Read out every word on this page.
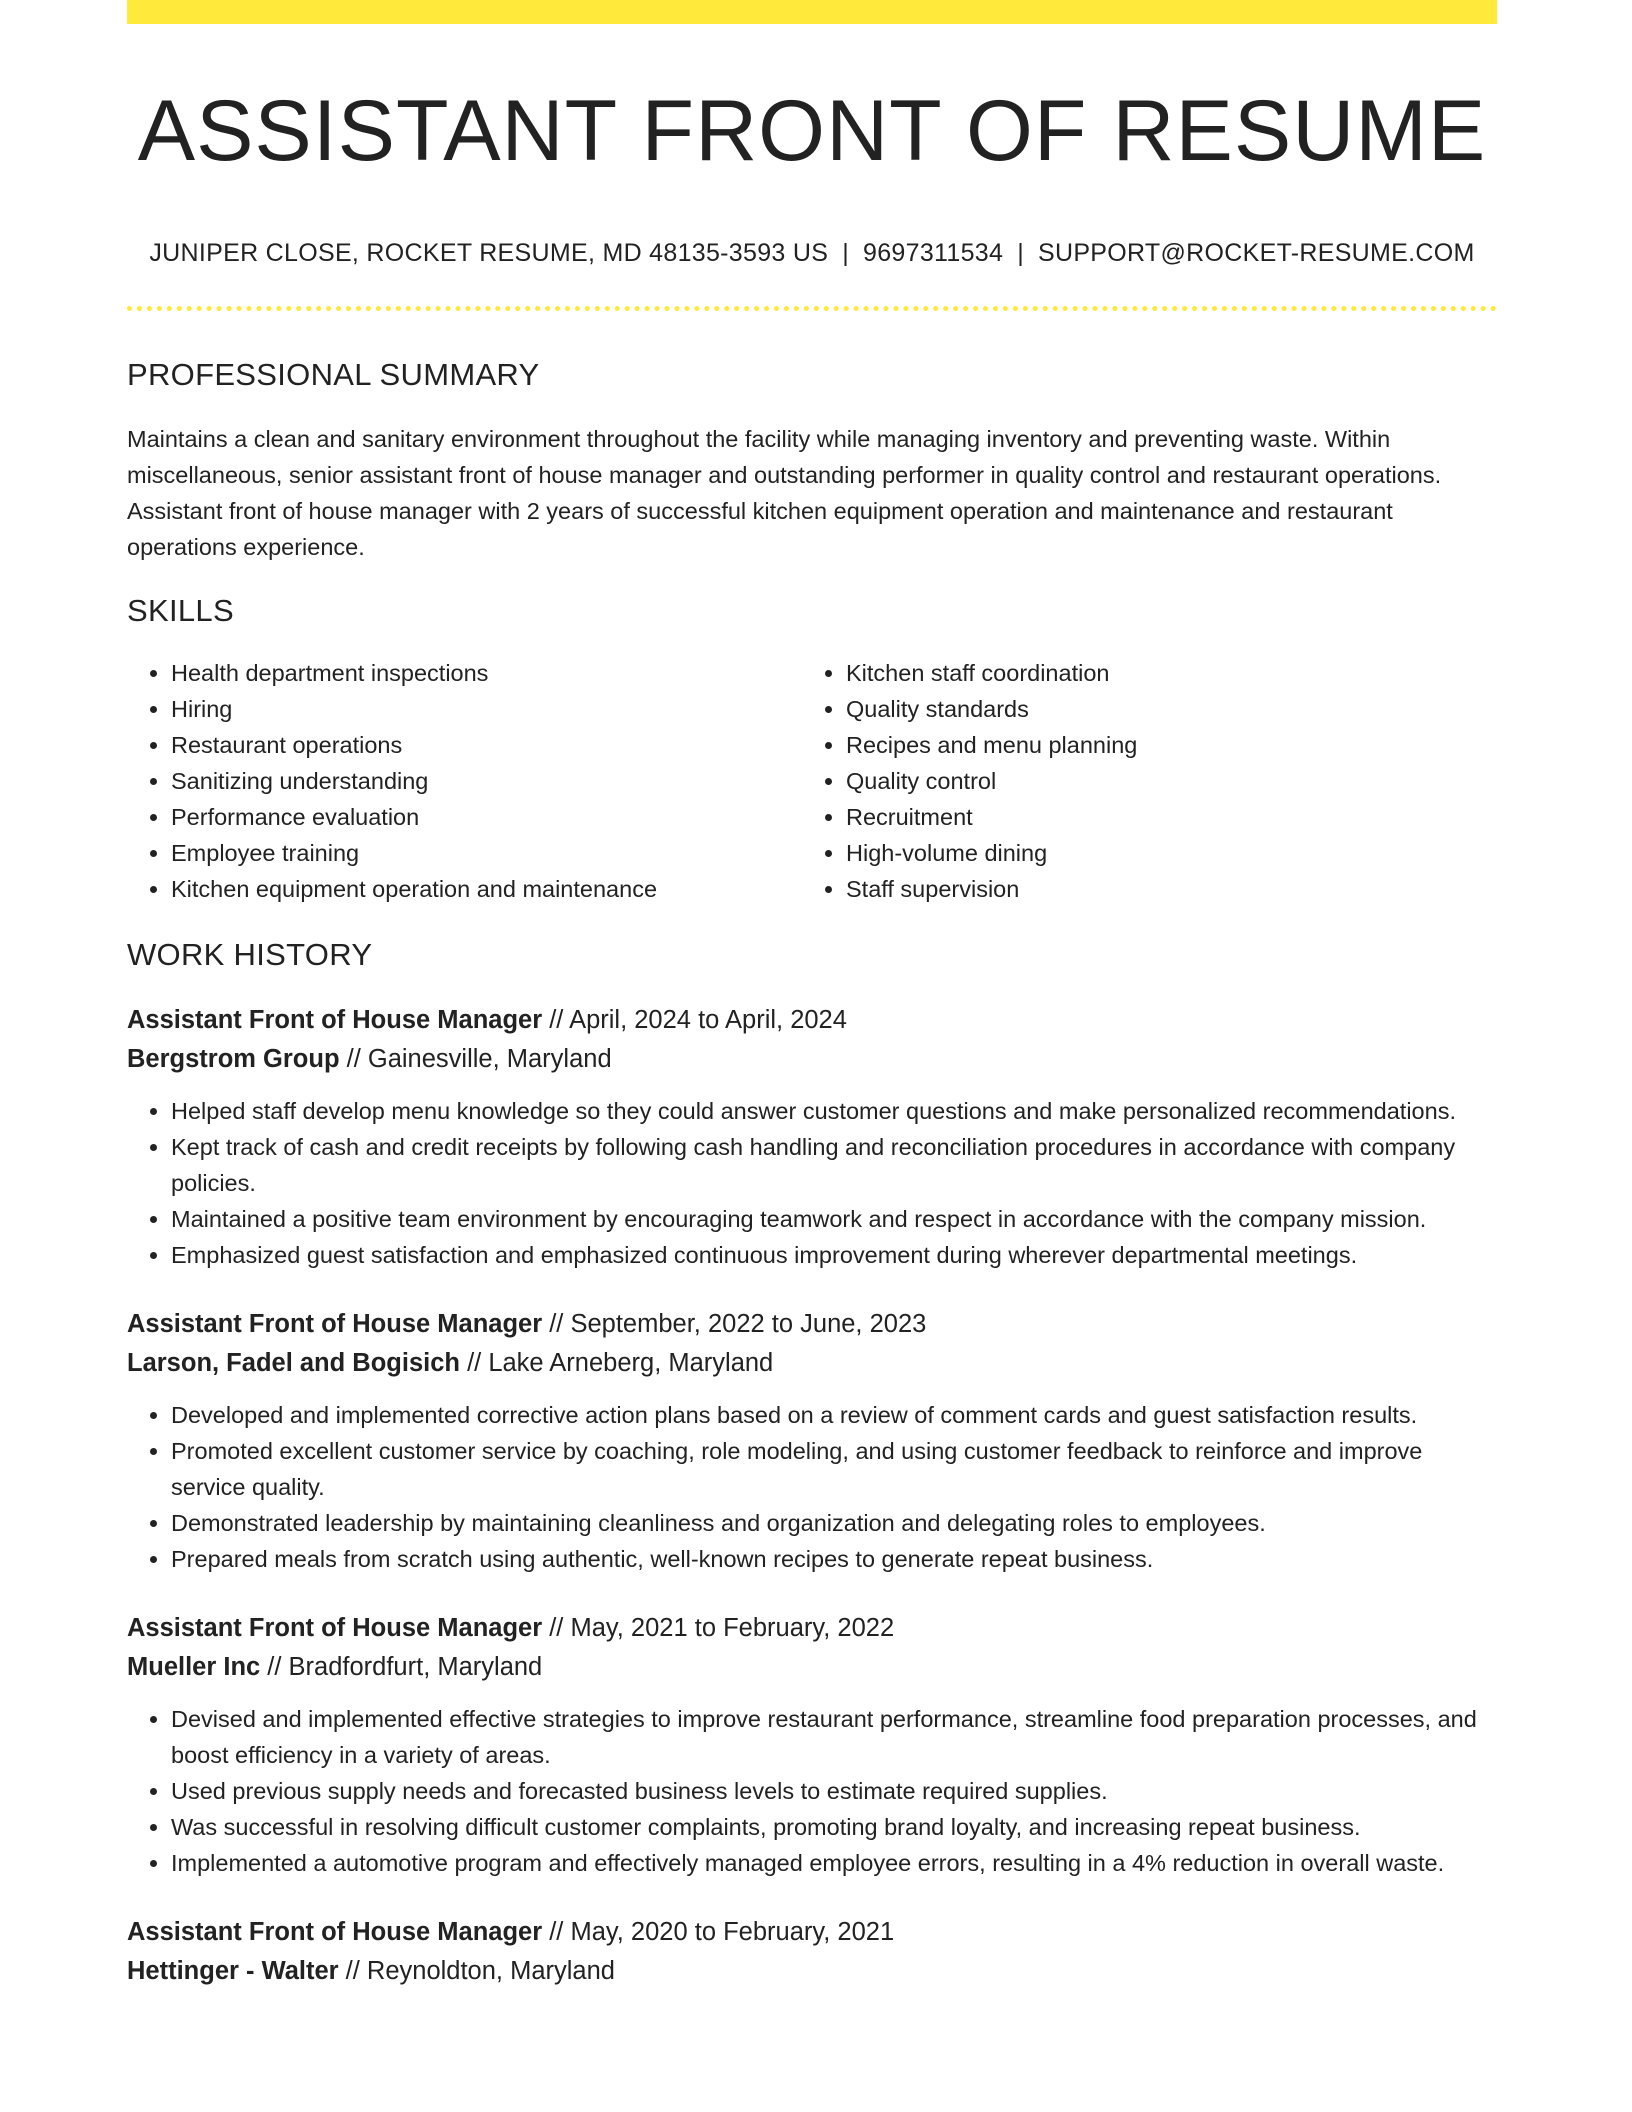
ASSISTANT FRONT OF RESUME
JUNIPER CLOSE, ROCKET RESUME, MD 48135-3593 US | 9697311534 | SUPPORT@ROCKET-RESUME.COM
PROFESSIONAL SUMMARY

Maintains a clean and sanitary environment throughout the facility while managing inventory and preventing waste. Within miscellaneous, senior assistant front of house manager and outstanding performer in quality control and restaurant operations. Assistant front of house manager with 2 years of successful kitchen equipment operation and maintenance and restaurant operations experience.

SKILLS
• Health department inspections
• Hiring
• Restaurant operations
• Sanitizing understanding
• Performance evaluation
• Employee training
• Kitchen equipment operation and maintenance
• Kitchen staff coordination
• Quality standards
• Recipes and menu planning
• Quality control
• Recruitment
• High-volume dining
• Staff supervision
WORK HISTORY
Assistant Front of House Manager // April, 2024 to April, 2024
Bergstrom Group // Gainesville, Maryland
• Helped staff develop menu knowledge so they could answer customer questions and make personalized recommendations.
• Kept track of cash and credit receipts by following cash handling and reconciliation procedures in accordance with company policies.
• Maintained a positive team environment by encouraging teamwork and respect in accordance with the company mission.
• Emphasized guest satisfaction and emphasized continuous improvement during wherever departmental meetings.
Assistant Front of House Manager // September, 2022 to June, 2023
Larson, Fadel and Bogisich // Lake Arneberg, Maryland
• Developed and implemented corrective action plans based on a review of comment cards and guest satisfaction results.
• Promoted excellent customer service by coaching, role modeling, and using customer feedback to reinforce and improve service quality.
• Demonstrated leadership by maintaining cleanliness and organization and delegating roles to employees.
• Prepared meals from scratch using authentic, well-known recipes to generate repeat business.
Assistant Front of House Manager // May, 2021 to February, 2022
Mueller Inc // Bradfordfurt, Maryland
• Devised and implemented effective strategies to improve restaurant performance, streamline food preparation processes, and boost efficiency in a variety of areas.
• Used previous supply needs and forecasted business levels to estimate required supplies.
• Was successful in resolving difficult customer complaints, promoting brand loyalty, and increasing repeat business.
• Implemented a automotive program and effectively managed employee errors, resulting in a 4% reduction in overall waste.
Assistant Front of House Manager // May, 2020 to February, 2021
Hettinger - Walter // Reynoldton, Maryland
